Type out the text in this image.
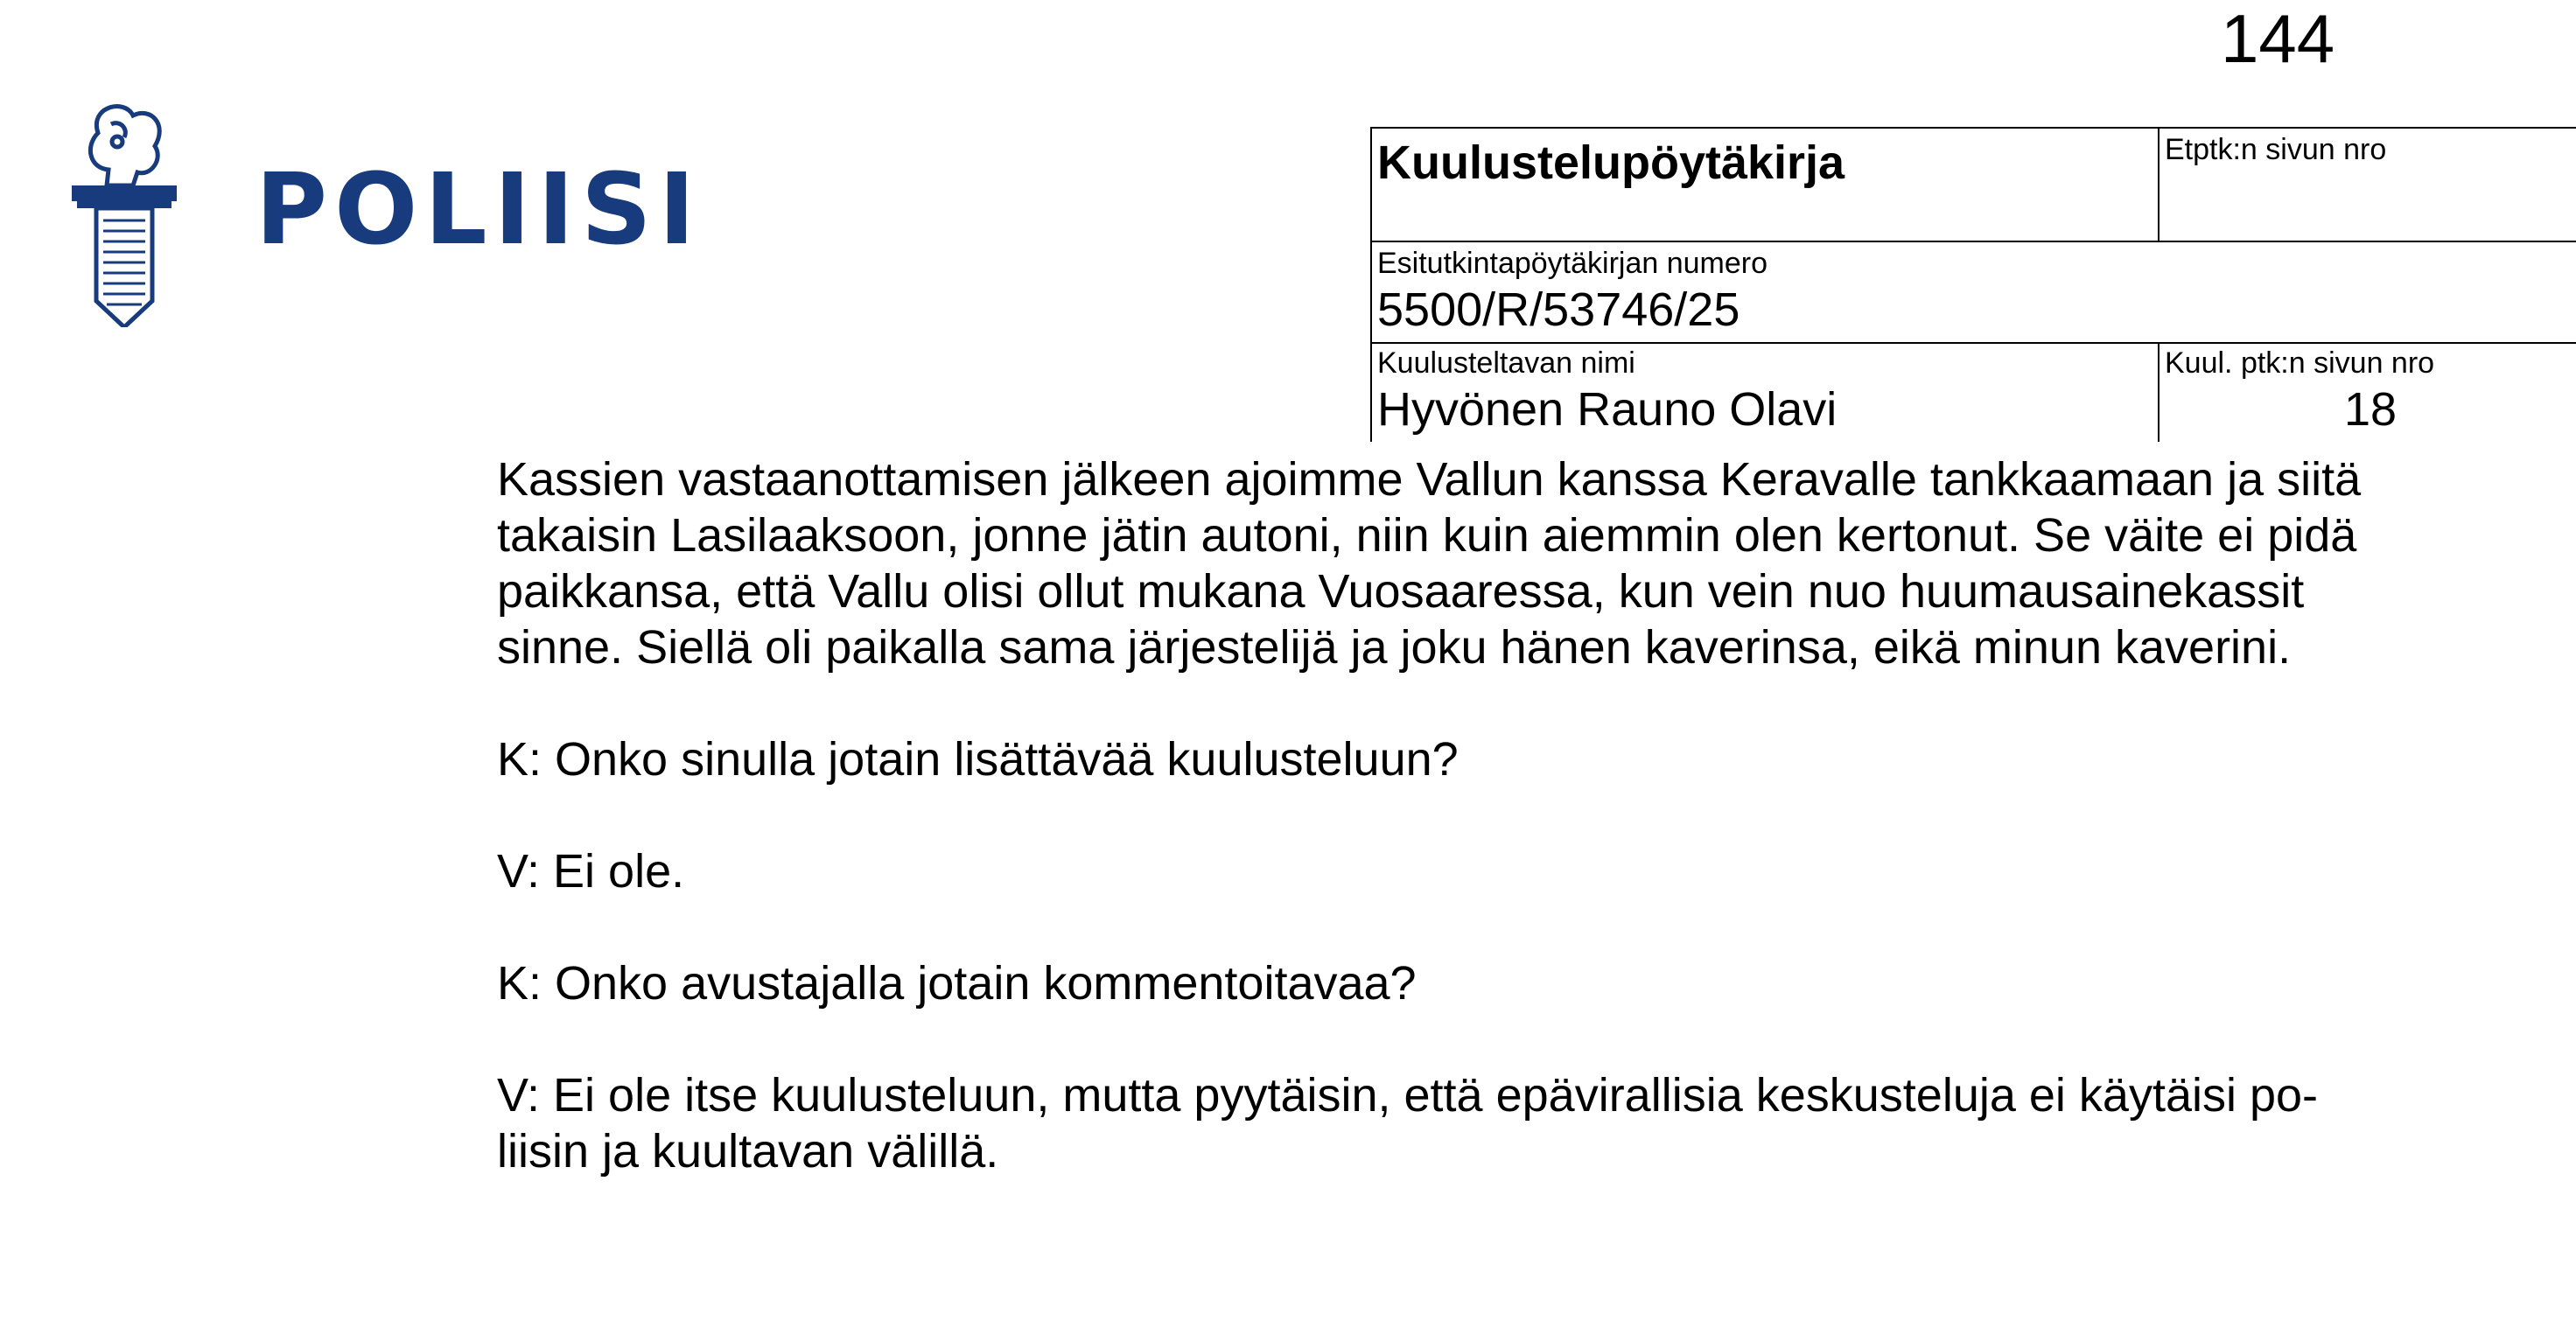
144
POLIISI	Kuulustelupöytäkirja	Etptk:n sivun nro
Esitutkintapöytäkirjan numero
5500/R/53746/25
Kuulusteltavan nimi
Hyvönen Rauno Olavi
Kuul. ptk:n sivun nro
18

Kassien vastaanottamisen jälkeen ajoimme Vallun kanssa Keravalle tankkaamaan ja siitä
takaisin Lasilaaksoon, jonne jätin autoni, niin kuin aiemmin olen kertonut. Se väite ei pidä
paikkansa, että Vallu olisi ollut mukana Vuosaaressa, kun vein nuo huumausainekassit
sinne. Siellä oli paikalla sama järjestelijä ja joku hänen kaverinsa, eikä minun kaverini.

K: Onko sinulla jotain lisättävää kuulusteluun?

V: Ei ole.

K: Onko avustajalla jotain kommentoitavaa?

V: Ei ole itse kuulusteluun, mutta pyytäisin, että epävirallisia keskusteluja ei käytäisi po-
liisin ja kuultavan välillä.
